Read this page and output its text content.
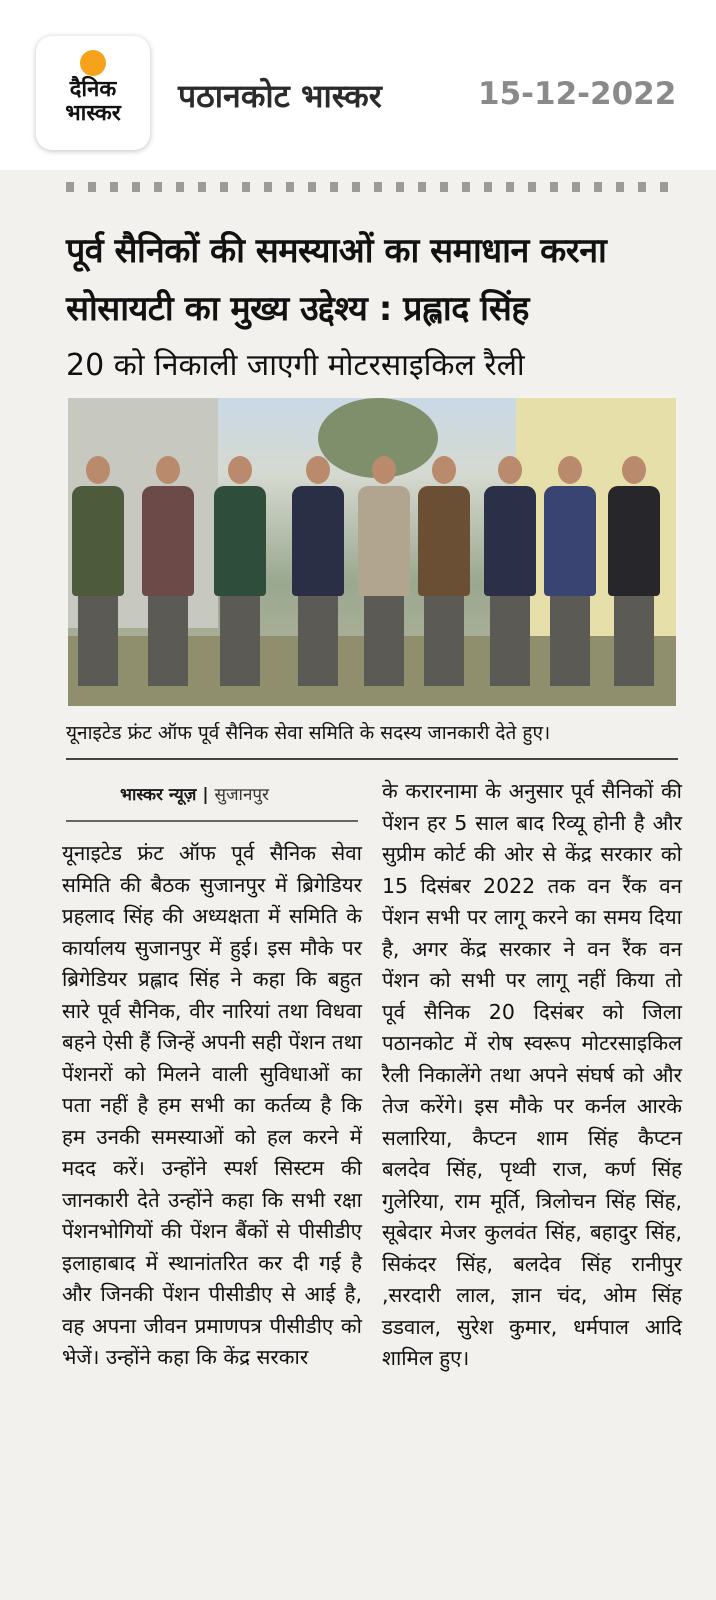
दैनिक
भास्कर	पठानकोट भास्कर	15-12-2022
पूर्व सैनिकों की समस्याओं का समाधान करना सोसायटी का मुख्य उद्देश्य : प्रह्लाद सिंह
20 को निकाली जाएगी मोटरसाइकिल रैली
यूनाइटेड फ्रंट ऑफ पूर्व सैनिक सेवा समिति के सदस्य जानकारी देते हुए।
भास्कर न्यूज़ | सुजानपुर
यूनाइटेड फ्रंट ऑफ पूर्व सैनिक सेवा समिति की बैठक सुजानपुर में ब्रिगेडियर प्रहलाद सिंह की अध्यक्षता में समिति के कार्यालय सुजानपुर में हुई। इस मौके पर ब्रिगेडियर प्रह्लाद सिंह ने कहा कि बहुत सारे पूर्व सैनिक, वीर नारियां तथा विधवा बहने ऐसी हैं जिन्हें अपनी सही पेंशन तथा पेंशनरों को मिलने वाली सुविधाओं का पता नहीं है हम सभी का कर्तव्य है कि हम उनकी समस्याओं को हल करने में मदद करें। उन्होंने स्पर्श सिस्टम की जानकारी देते उन्होंने कहा कि सभी रक्षा पेंशनभोगियों की पेंशन बैंकों से पीसीडीए इलाहाबाद में स्थानांतरित कर दी गई है और जिनकी पेंशन पीसीडीए से आई है, वह अपना जीवन प्रमाणपत्र पीसीडीए को भेजें। उन्होंने कहा कि केंद्र सरकार
के करारनामा के अनुसार पूर्व सैनिकों की पेंशन हर 5 साल बाद रिव्यू होनी है और सुप्रीम कोर्ट की ओर से केंद्र सरकार को 15 दिसंबर 2022 तक वन रैंक वन पेंशन सभी पर लागू करने का समय दिया है, अगर केंद्र सरकार ने वन रैंक वन पेंशन को सभी पर लागू नहीं किया तो पूर्व सैनिक 20 दिसंबर को जिला पठानकोट में रोष स्वरूप मोटरसाइकिल रैली निकालेंगे तथा अपने संघर्ष को और तेज करेंगे। इस मौके पर कर्नल आरके सलारिया, कैप्टन शाम सिंह कैप्टन बलदेव सिंह, पृथ्वी राज, कर्ण सिंह गुलेरिया, राम मूर्ति, त्रिलोचन सिंह सिंह, सूबेदार मेजर कुलवंत सिंह, बहादुर सिंह, सिकंदर सिंह, बलदेव सिंह रानीपुर ,सरदारी लाल, ज्ञान चंद, ओम सिंह डडवाल, सुरेश कुमार, धर्मपाल आदि शामिल हुए।
